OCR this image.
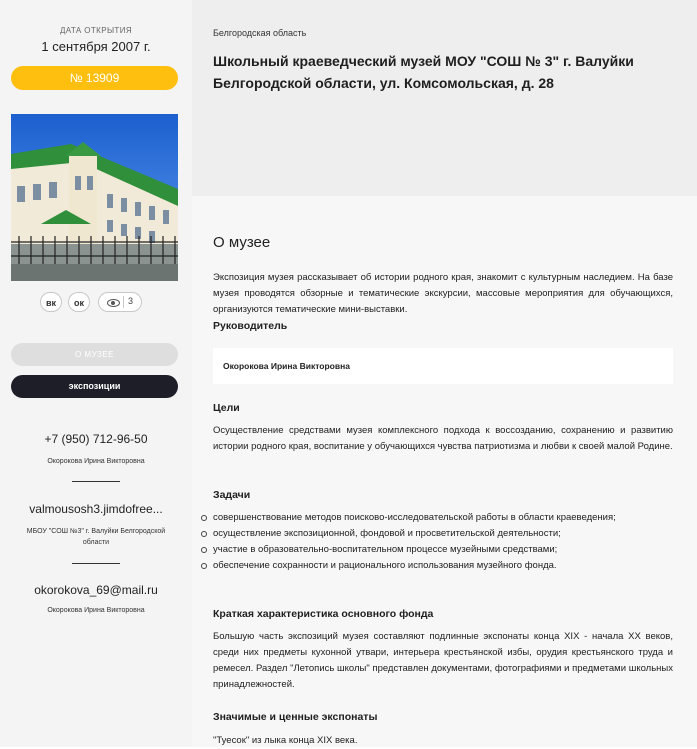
ДАТА ОТКРЫТИЯ
1 сентября 2007 г.
№ 13909
вк	ок	3
О МУЗЕЕ
экспозиции
+7 (950) 712-96-50
Окорокова Ирина Викторовна
valmousosh3.jimdofree...
МБОУ "СОШ №3" г. Валуйки Белгородской области
okorokova_69@mail.ru
Окорокова Ирина Викторовна
Белгородская область
Школьный краеведческий музей МОУ "СОШ № 3" г. Валуйки Белгородской области, ул. Комсомольская, д. 28
О музее
Экспозиция музея рассказывает об истории родного края, знакомит с культурным наследием. На базе музея проводятся обзорные и тематические экскурсии, массовые мероприятия для обучающихся, организуются тематические мини-выставки.
Руководитель
Окорокова Ирина Викторовна
Цели
Осуществление средствами музея комплексного подхода к воссозданию, сохранению и развитию истории родного края, воспитание у обучающихся чувства патриотизма и любви к своей малой Родине.
Задачи
совершенствование методов поисково-исследовательской работы в области краеведения;
осуществление экспозиционной, фондовой и просветительской деятельности;
участие в образовательно-воспитательном процессе музейными средствами;
обеспечение сохранности и рационального использования музейного фонда.
Краткая характеристика основного фонда
Большую часть экспозиций музея составляют подлинные экспонаты конца XIX - начала XX веков, среди них предметы кухонной утвари, интерьера крестьянской избы, орудия крестьянского труда и ремесел. Раздел "Летопись школы" представлен документами, фотографиями и предметами школьных принадлежностей.
Значимые и ценные экспонаты
"Туесок" из лыка конца XIX века.
